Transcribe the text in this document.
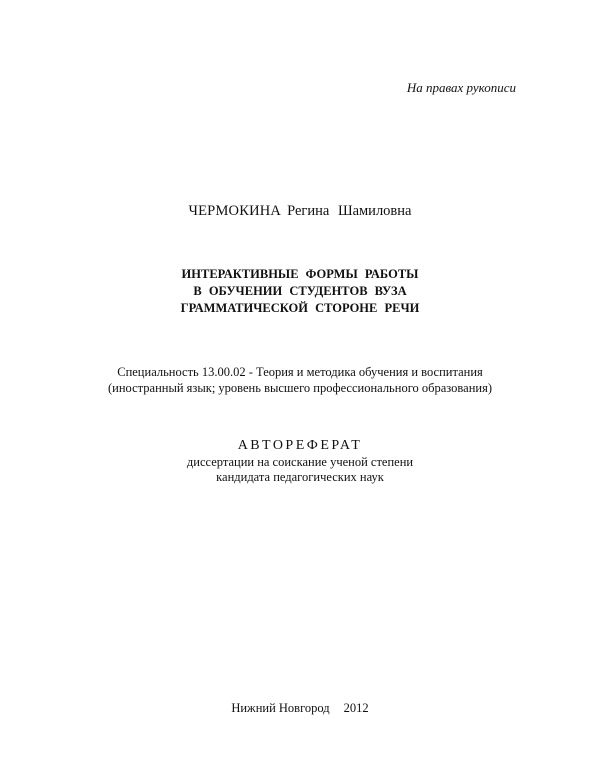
На правах рукописи
ЧЕРМОКИНА Регина Шамиловна
ИНТЕРАКТИВНЫЕ ФОРМЫ РАБОТЫ
В ОБУЧЕНИИ СТУДЕНТОВ ВУЗА
ГРАММАТИЧЕСКОЙ СТОРОНЕ РЕЧИ
Специальность 13.00.02 - Теория и методика обучения и воспитания
(иностранный язык; уровень высшего профессионального образования)
АВТОРЕФЕРАТ
диссертации на соискание ученой степени
кандидата педагогических наук
Нижний Новгород 2012
